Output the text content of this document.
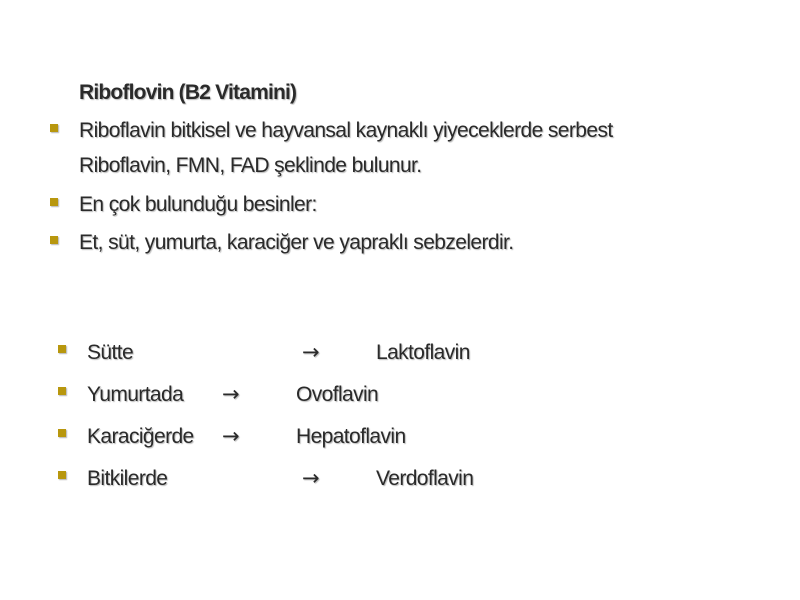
Riboflovin (B2 Vitamini)
Riboflavin bitkisel ve hayvansal kaynaklı yiyeceklerde serbest
Riboflavin, FMN, FAD şeklinde bulunur.
En çok bulunduğu besinler:
Et, süt, yumurta, karaciğer ve yapraklı sebzelerdir.
Sütte	→	Laktoflavin
Yumurtada →	Ovoflavin
Karaciğerde →	Hepatoflavin
Bitkilerde	→	Verdoflavin
